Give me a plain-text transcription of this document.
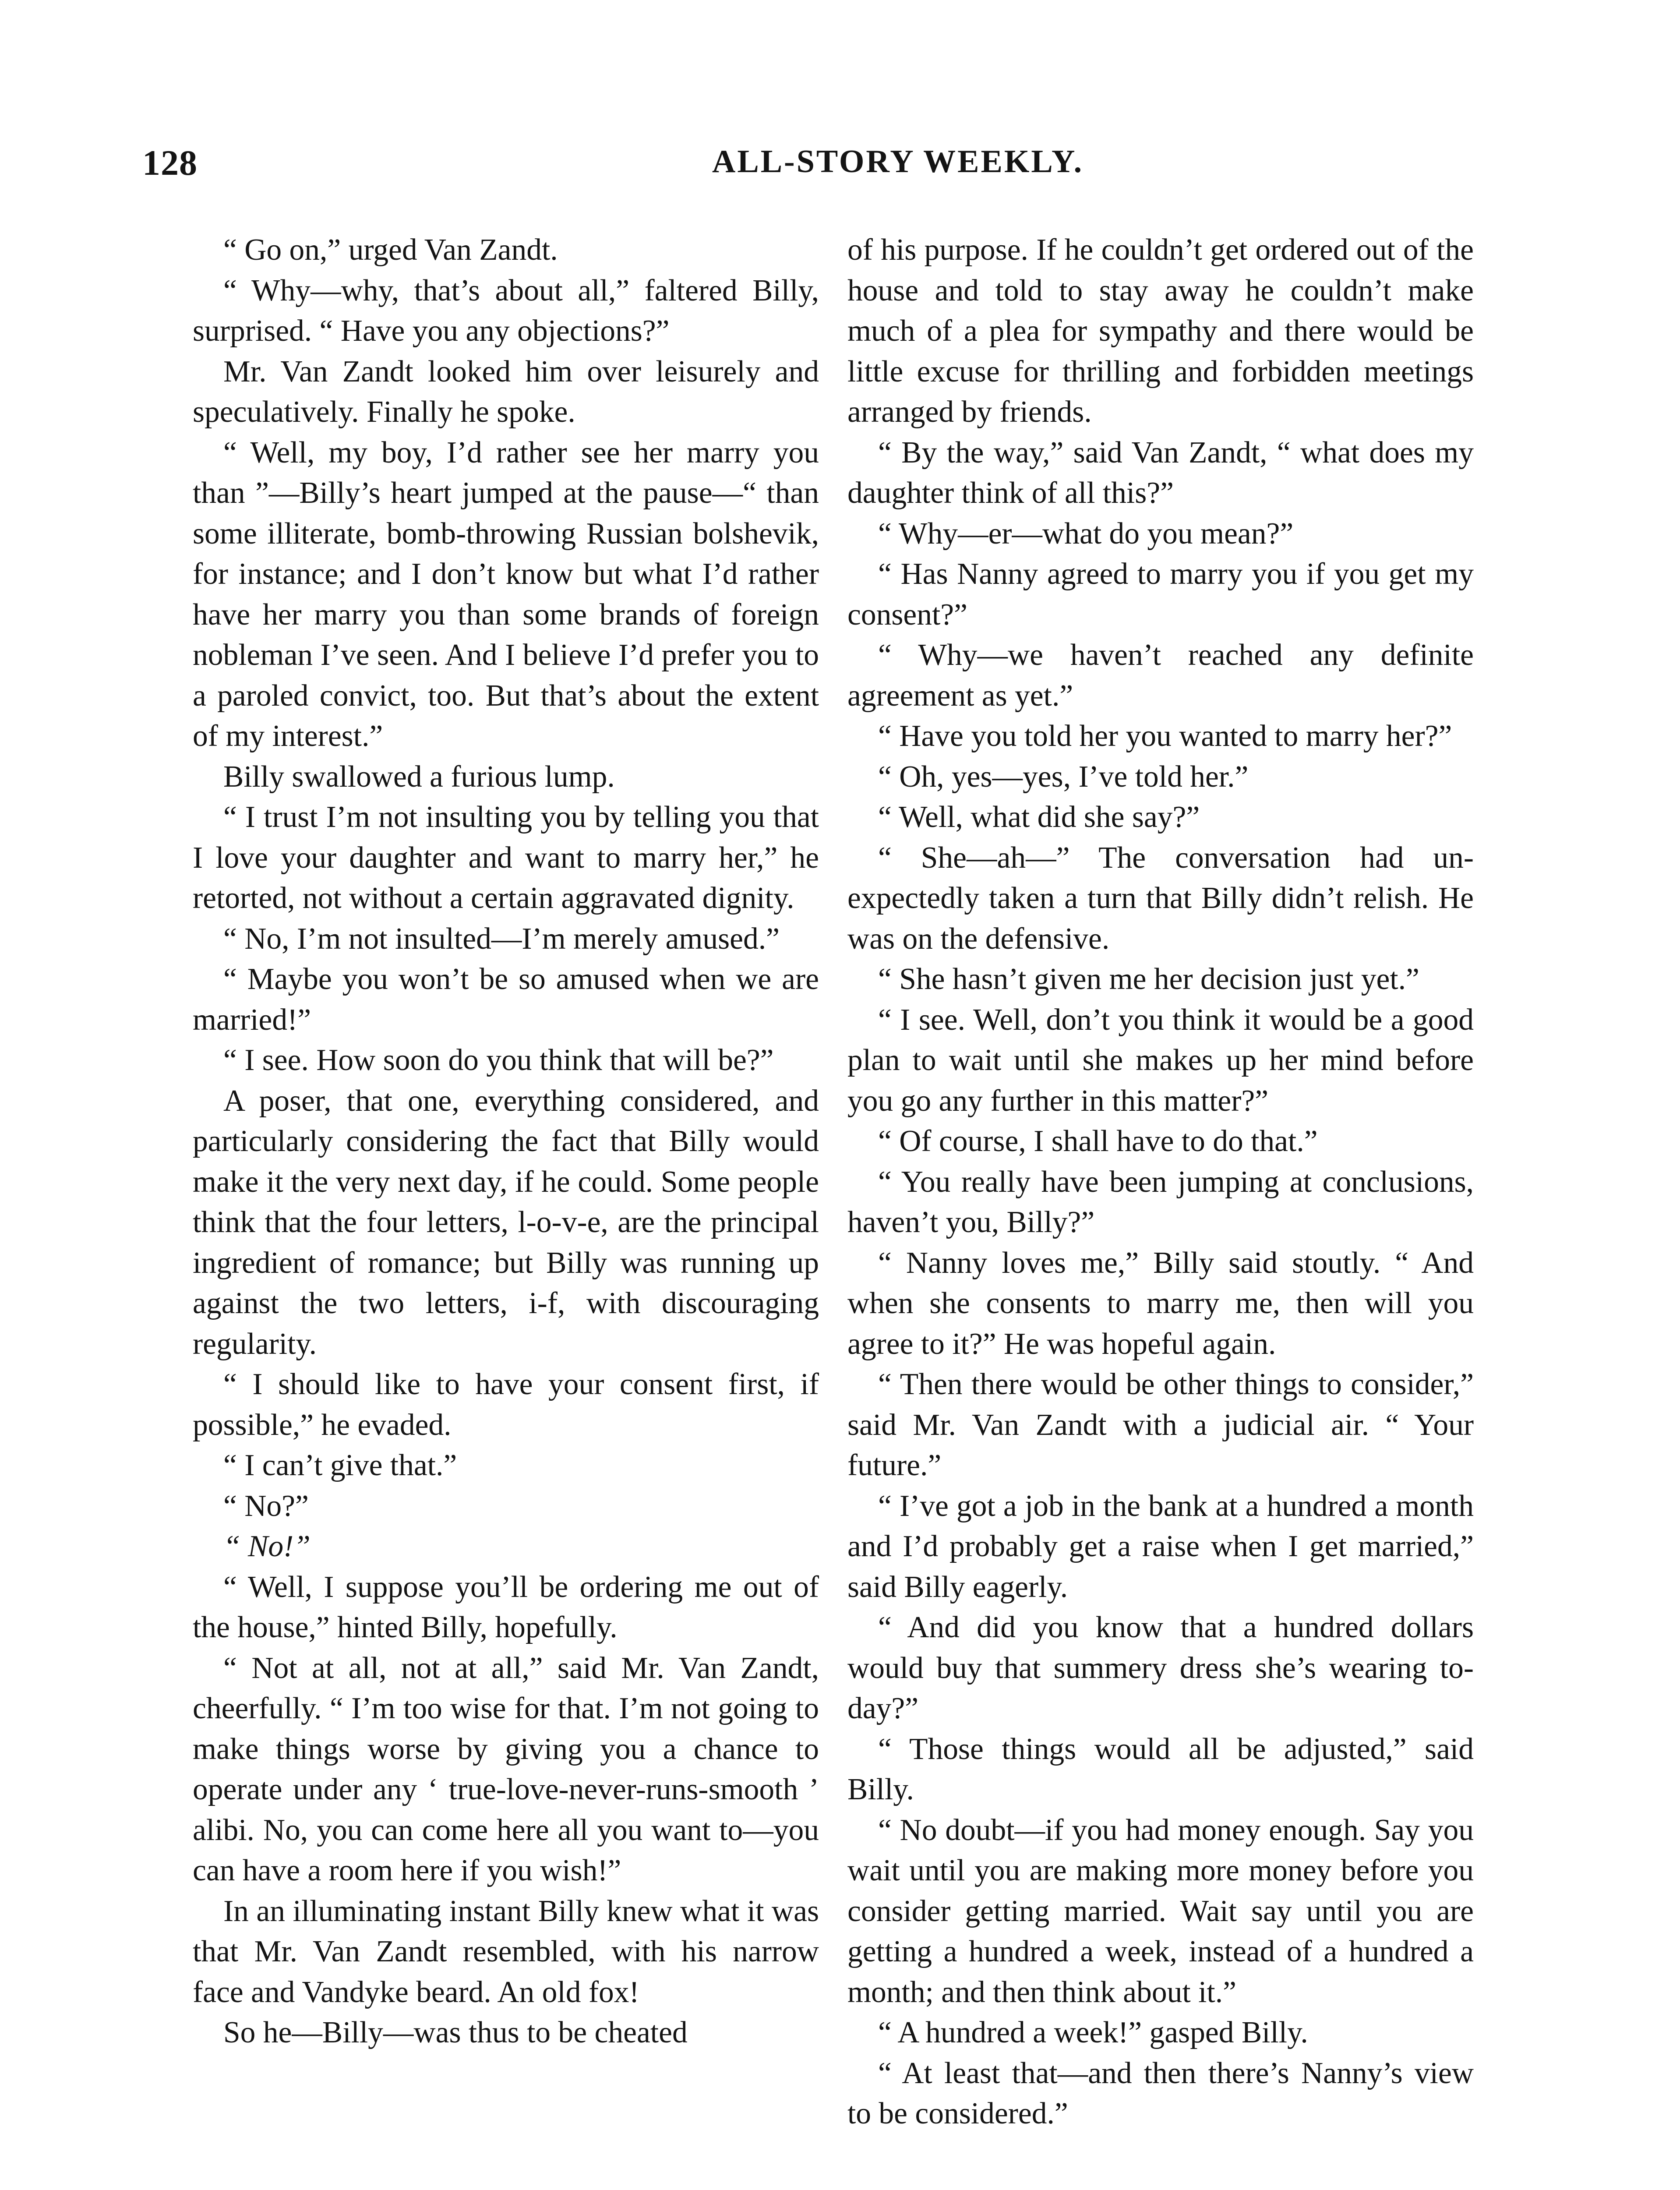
128	ALL-STORY WEEKLY.

“ Go on,” urged Van Zandt.

“ Why—why, that’s about all,” faltered Billy, surprised. “ Have you any objections?”

Mr. Van Zandt looked him over leisurely and speculatively. Finally he spoke.

“ Well, my boy, I’d rather see her marry you than ”—Billy’s heart jumped at the pause—“ than some illiterate, bomb-throwing Russian bolshevik, for instance; and I don’t know but what I’d rather have her marry you than some brands of foreign nobleman I’ve seen. And I believe I’d prefer you to a paroled convict, too. But that’s about the extent of my interest.”

Billy swallowed a furious lump.

“ I trust I’m not insulting you by telling you that I love your daughter and want to marry her,” he retorted, not without a certain aggravated dignity.

“ No, I’m not insulted—I’m merely amused.”

“ Maybe you won’t be so amused when we are married!”

“ I see. How soon do you think that will be?”

A poser, that one, everything considered, and particularly considering the fact that Billy would make it the very next day, if he could. Some people think that the four letters, l-o-v-e, are the principal ingredient of romance; but Billy was running up against the two letters, i-f, with discouraging regularity.

“ I should like to have your consent first, if possible,” he evaded.

“ I can’t give that.”

“ No?”

“ No!”

“ Well, I suppose you’ll be ordering me out of the house,” hinted Billy, hopefully.

“ Not at all, not at all,” said Mr. Van Zandt, cheerfully. “ I’m too wise for that. I’m not going to make things worse by giving you a chance to operate under any ‘ true-love-never-runs-smooth ’ alibi. No, you can come here all you want to—you can have a room here if you wish!”

In an illuminating instant Billy knew what it was that Mr. Van Zandt resembled, with his narrow face and Vandyke beard. An old fox!

So he—Billy—was thus to be cheated

of his purpose. If he couldn’t get ordered out of the house and told to stay away he couldn’t make much of a plea for sympathy and there would be little excuse for thrilling and forbidden meetings arranged by friends.

“ By the way,” said Van Zandt, “ what does my daughter think of all this?”

“ Why—er—what do you mean?”

“ Has Nanny agreed to marry you if you get my consent?”

“ Why—we haven’t reached any definite agreement as yet.”

“ Have you told her you wanted to marry her?”

“ Oh, yes—yes, I’ve told her.”

“ Well, what did she say?”

“ She—ah—” The conversation had unexpectedly taken a turn that Billy didn’t relish. He was on the defensive.

“ She hasn’t given me her decision just yet.”

“ I see. Well, don’t you think it would be a good plan to wait until she makes up her mind before you go any further in this matter?”

“ Of course, I shall have to do that.”

“ You really have been jumping at conclusions, haven’t you, Billy?”

“ Nanny loves me,” Billy said stoutly. “ And when she consents to marry me, then will you agree to it?” He was hopeful again.

“ Then there would be other things to consider,” said Mr. Van Zandt with a judicial air. “ Your future.”

“ I’ve got a job in the bank at a hundred a month and I’d probably get a raise when I get married,” said Billy eagerly.

“ And did you know that a hundred dollars would buy that summery dress she’s wearing to-day?”

“ Those things would all be adjusted,” said Billy.

“ No doubt—if you had money enough. Say you wait until you are making more money before you consider getting married. Wait say until you are getting a hundred a week, instead of a hundred a month; and then think about it.”

“ A hundred a week!” gasped Billy.

“ At least that—and then there’s Nanny’s view to be considered.”
